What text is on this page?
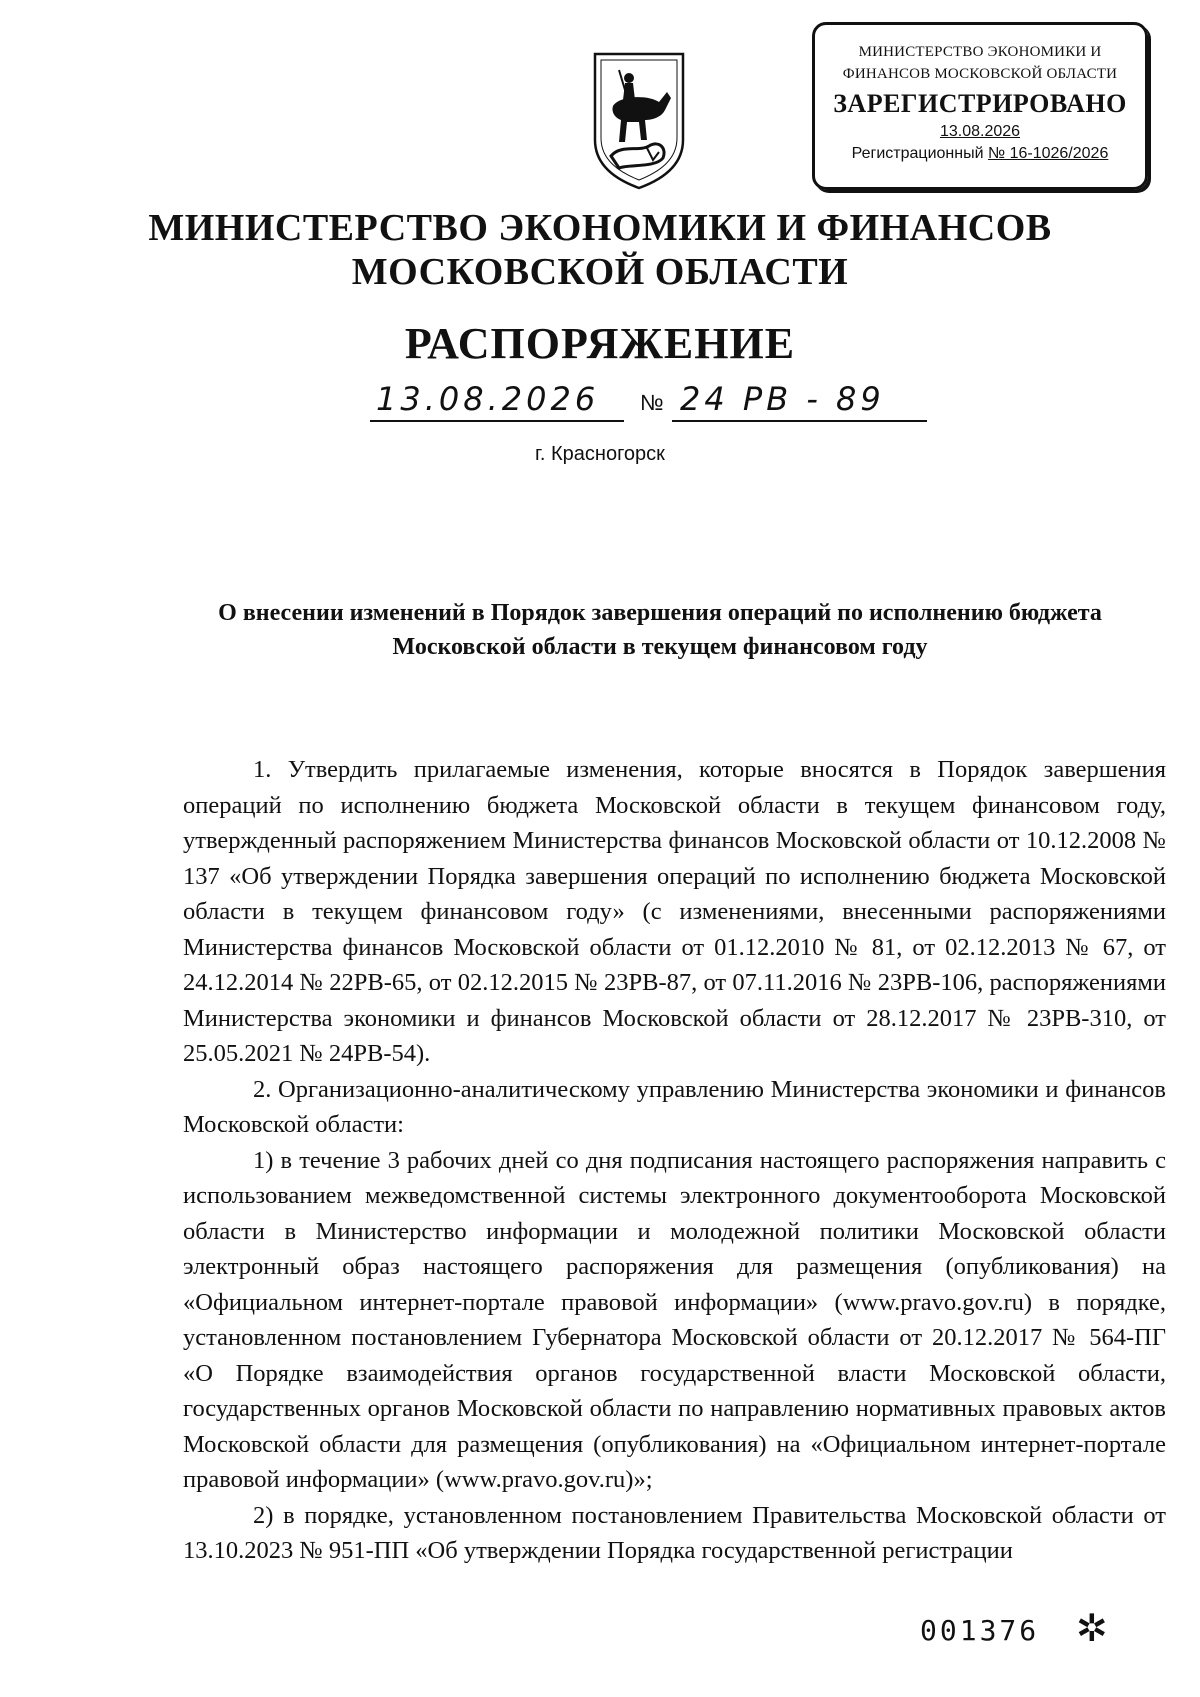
МИНИСТЕРСТВО ЭКОНОМИКИ И
ФИНАНСОВ МОСКОВСКОЙ ОБЛАСТИ
ЗАРЕГИСТРИРОВАНО
13.08.2026
Регистрационный № 16-1026/2026
МИНИСТЕРСТВО ЭКОНОМИКИ И ФИНАНСОВ
МОСКОВСКОЙ ОБЛАСТИ
РАСПОРЯЖЕНИЕ
13.08.2026 № 24 РВ - 89
г. Красногорск
О внесении изменений в Порядок завершения операций по исполнению бюджета
Московской области в текущем финансовом году

1. Утвердить прилагаемые изменения, которые вносятся в Порядок завершения операций по исполнению бюджета Московской области в текущем финансовом году, утвержденный распоряжением Министерства финансов Московской области от 10.12.2008 № 137 «Об утверждении Порядка завершения операций по исполнению бюджета Московской области в текущем финансовом году» (с изменениями, внесенными распоряжениями Министерства финансов Московской области от 01.12.2010 № 81, от 02.12.2013 № 67, от 24.12.2014 № 22РВ-65, от 02.12.2015 № 23РВ-87, от 07.11.2016 № 23РВ-106, распоряжениями Министерства экономики и финансов Московской области от 28.12.2017 № 23РВ-310, от 25.05.2021 № 24РВ-54).

2. Организационно-аналитическому управлению Министерства экономики и финансов Московской области:

1) в течение 3 рабочих дней со дня подписания настоящего распоряжения направить с использованием межведомственной системы электронного документооборота Московской области в Министерство информации и молодежной политики Московской области электронный образ настоящего распоряжения для размещения (опубликования) на «Официальном интернет-портале правовой информации» (www.pravo.gov.ru) в порядке, установленном постановлением Губернатора Московской области от 20.12.2017 № 564-ПГ «О Порядке взаимодействия органов государственной власти Московской области, государственных органов Московской области по направлению нормативных правовых актов Московской области для размещения (опубликования) на «Официальном интернет-портале правовой информации» (www.pravo.gov.ru)»;

2) в порядке, установленном постановлением Правительства Московской области от 13.10.2023 № 951-ПП «Об утверждении Порядка государственной регистрации

001376 ✲
